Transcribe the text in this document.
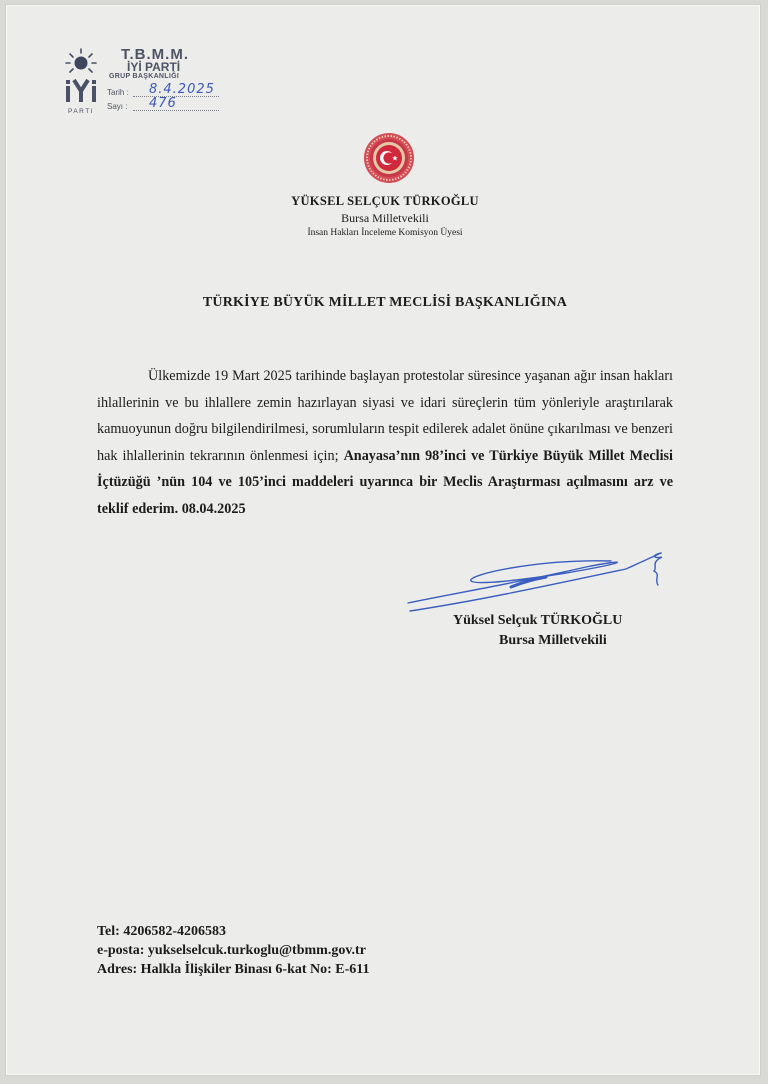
PARTI
T.B.M.M.
İYİ PARTİ
GRUP BAŞKANLIĞI
Tarih :	8.4.2025
Sayı :	476
YÜKSEL SELÇUK TÜRKOĞLU
Bursa Milletvekili
İnsan Hakları İnceleme Komisyon Üyesi
TÜRKİYE BÜYÜK MİLLET MECLİSİ BAŞKANLIĞINA
Ülkemizde 19 Mart 2025 tarihinde başlayan protestolar süresince yaşanan ağır insan hakları ihlallerinin ve bu ihlallere zemin hazırlayan siyasi ve idari süreçlerin tüm yönleriyle araştırılarak kamuoyunun doğru bilgilendirilmesi, sorumluların tespit edilerek adalet önüne çıkarılması ve benzeri hak ihlallerinin tekrarının önlenmesi için; Anayasa’nın 98’inci ve Türkiye Büyük Millet Meclisi İçtüzüğü ’nün 104 ve 105’inci maddeleri uyarınca bir Meclis Araştırması açılmasını arz ve teklif ederim. 08.04.2025
Yüksel Selçuk TÜRKOĞLU
Bursa Milletvekili
Tel: 4206582-4206583
e-posta: yukselselcuk.turkoglu@tbmm.gov.tr
Adres: Halkla İlişkiler Binası 6-kat No: E-611
